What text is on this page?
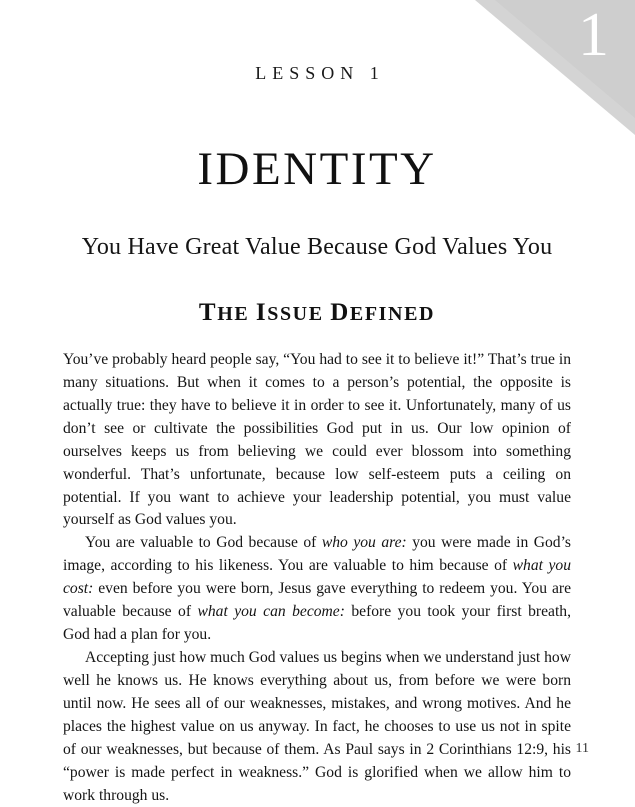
1
LESSON 1
IDENTITY
You Have Great Value Because God Values You
THE ISSUE DEFINED

You’ve probably heard people say, “You had to see it to believe it!” That’s true in many situations. But when it comes to a person’s potential, the opposite is actually true: they have to believe it in order to see it. Unfortunately, many of us don’t see or cultivate the possibilities God put in us. Our low opinion of ourselves keeps us from believing we could ever blossom into something wonderful. That’s unfortunate, because low self-esteem puts a ceiling on potential. If you want to achieve your leadership potential, you must value yourself as God values you.

You are valuable to God because of who you are: you were made in God’s image, according to his likeness. You are valuable to him because of what you cost: even before you were born, Jesus gave everything to redeem you. You are valuable because of what you can become: before you took your first breath, God had a plan for you.

Accepting just how much God values us begins when we understand just how well he knows us. He knows everything about us, from before we were born until now. He sees all of our weaknesses, mistakes, and wrong motives. And he places the highest value on us anyway. In fact, he chooses to use us not in spite of our weaknesses, but because of them. As Paul says in 2 Corinthians 12:9, his “power is made perfect in weakness.” God is glorified when we allow him to work through us.

11
